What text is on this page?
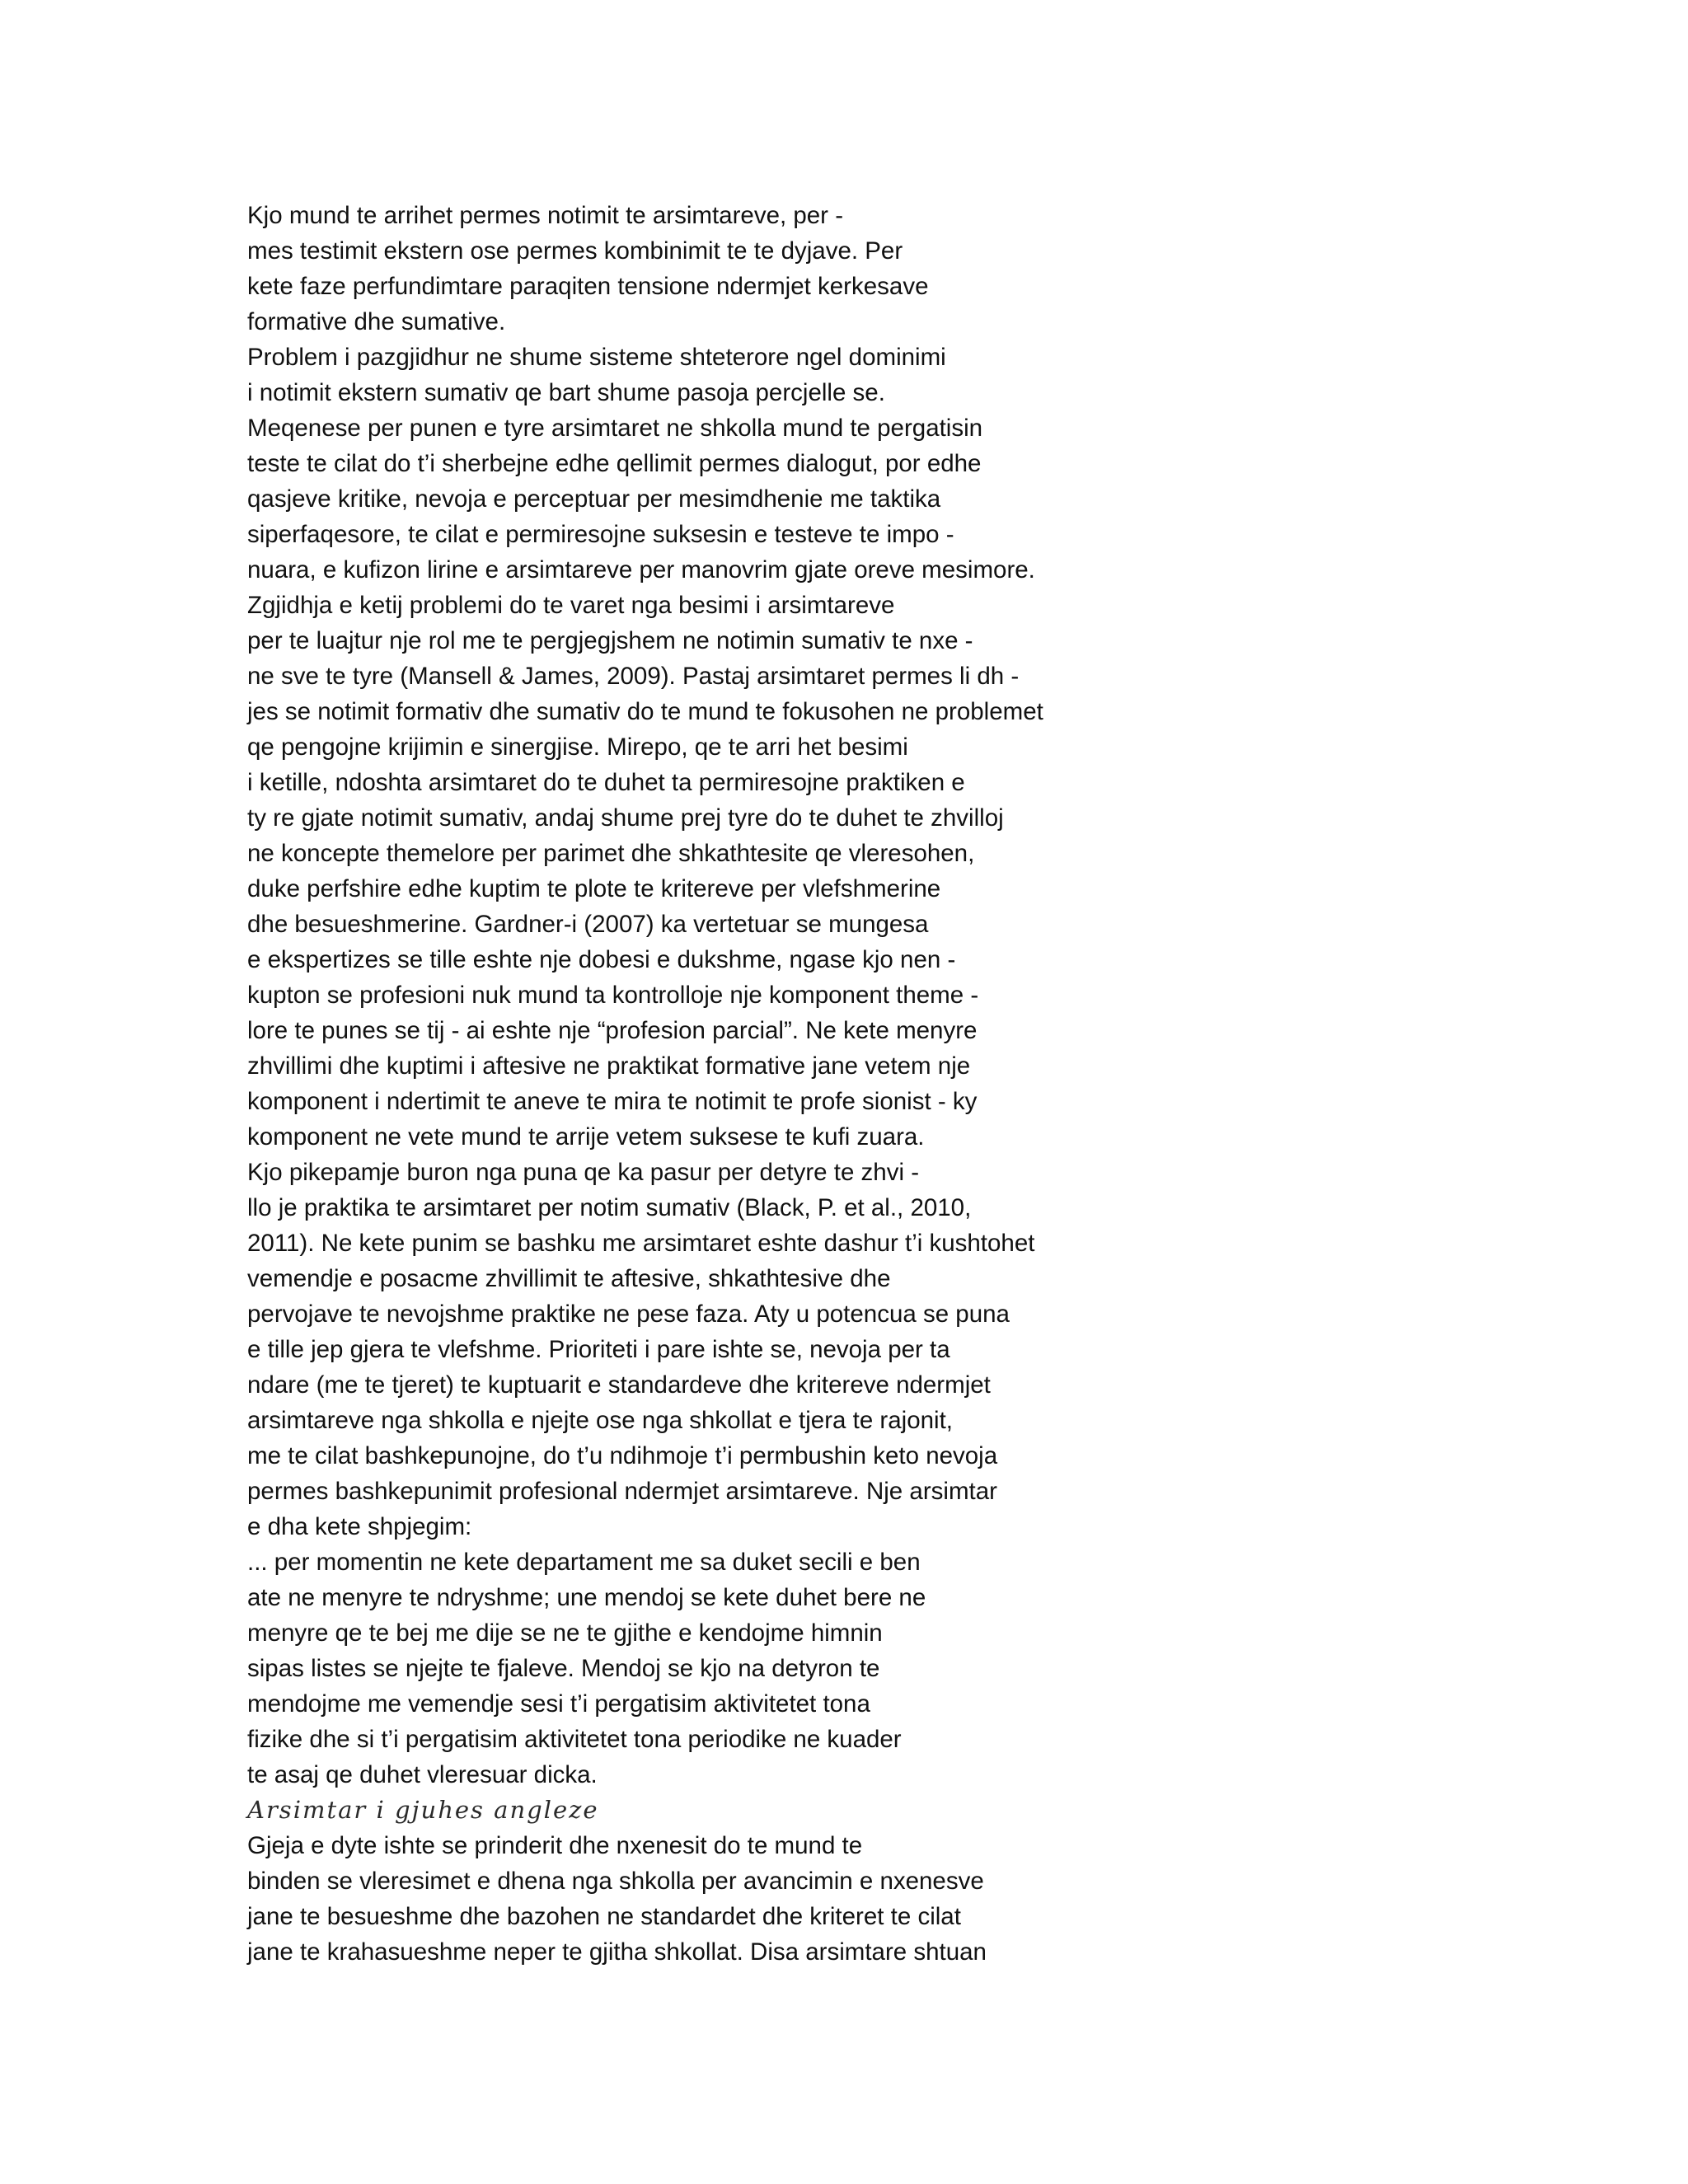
Kjo mund te arrihet permes notimit te arsimtareve, per -
mes testimit ekstern ose permes kombinimit te te dyjave. Per
kete faze perfundimtare paraqiten tensione ndermjet kerkesave
formative dhe sumative.
Problem i pazgjidhur ne shume sisteme shteterore ngel dominimi
i notimit ekstern sumativ qe bart shume pasoja percjelle se.
Meqenese per punen e tyre arsimtaret ne shkolla mund te pergatisin
teste te cilat do t’i sherbejne edhe qellimit permes dialogut, por edhe
qasjeve kritike, nevoja e perceptuar per mesimdhenie me taktika
siperfaqesore, te cilat e permiresojne suksesin e testeve te impo -
nuara, e kufizon lirine e arsimtareve per manovrim gjate oreve mesimore.
Zgjidhja e ketij problemi do te varet nga besimi i arsimtareve
per te luajtur nje rol me te pergjegjshem ne notimin sumativ te nxe -
ne sve te tyre (Mansell & James, 2009). Pastaj arsimtaret permes li dh -
jes se notimit formativ dhe sumativ do te mund te fokusohen ne problemet
qe pengojne krijimin e sinergjise. Mirepo, qe te arri het besimi
i ketille, ndoshta arsimtaret do te duhet ta permiresojne praktiken e
ty re gjate notimit sumativ, andaj shume prej tyre do te duhet te zhvilloj
ne koncepte themelore per parimet dhe shkathtesite qe vleresohen,
duke perfshire edhe kuptim te plote te kritereve per vlefshmerine
dhe besueshmerine. Gardner-i (2007) ka vertetuar se mungesa
e ekspertizes se tille eshte nje dobesi e dukshme, ngase kjo nen -
kupton se profesioni nuk mund ta kontrolloje nje komponent theme -
lore te punes se tij - ai eshte nje “profesion parcial”. Ne kete menyre
zhvillimi dhe kuptimi i aftesive ne praktikat formative jane vetem nje
komponent i ndertimit te aneve te mira te notimit te profe sionist - ky
komponent ne vete mund te arrije vetem suksese te kufi zuara.
Kjo pikepamje buron nga puna qe ka pasur per detyre te zhvi -
llo je praktika te arsimtaret per notim sumativ (Black, P. et al., 2010,
2011). Ne kete punim se bashku me arsimtaret eshte dashur t’i kushtohet
vemendje e posacme zhvillimit te aftesive, shkathtesive dhe
pervojave te nevojshme praktike ne pese faza. Aty u potencua se puna
e tille jep gjera te vlefshme. Prioriteti i pare ishte se, nevoja per ta
ndare (me te tjeret) te kuptuarit e standardeve dhe kritereve ndermjet
arsimtareve nga shkolla e njejte ose nga shkollat e tjera te rajonit,
me te cilat bashkepunojne, do t’u ndihmoje t’i permbushin keto nevoja
permes bashkepunimit profesional ndermjet arsimtareve. Nje arsimtar
e dha kete shpjegim:
... per momentin ne kete departament me sa duket secili e ben
ate ne menyre te ndryshme; une mendoj se kete duhet bere ne
menyre qe te bej me dije se ne te gjithe e kendojme himnin
sipas listes se njejte te fjaleve. Mendoj se kjo na detyron te
mendojme me vemendje sesi t’i pergatisim aktivitetet tona
fizike dhe si t’i pergatisim aktivitetet tona periodike ne kuader
te asaj qe duhet vleresuar dicka.
Arsimtar i gjuhes angleze
Gjeja e dyte ishte se prinderit dhe nxenesit do te mund te
binden se vleresimet e dhena nga shkolla per avancimin e nxenesve
jane te besueshme dhe bazohen ne standardet dhe kriteret te cilat
jane te krahasueshme neper te gjitha shkollat. Disa arsimtare shtuan
